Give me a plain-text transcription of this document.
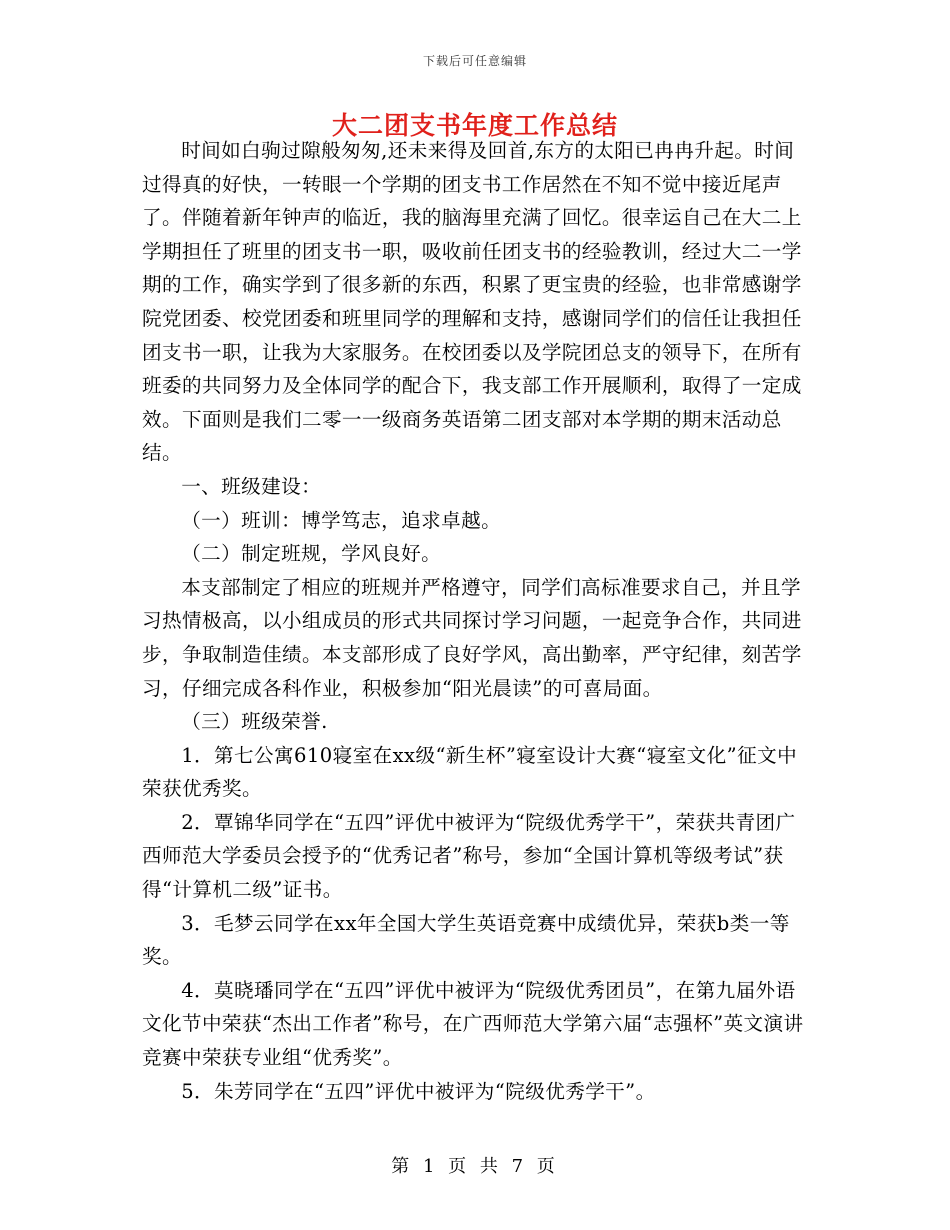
下载后可任意编辑
大二团支书年度工作总结

时间如白驹过隙般匆匆,还未来得及回首,东方的太阳已冉冉升起。时间过得真的好快，一转眼一个学期的团支书工作居然在不知不觉中接近尾声了。伴随着新年钟声的临近，我的脑海里充满了回忆。很幸运自己在大二上学期担任了班里的团支书一职，吸收前任团支书的经验教训，经过大二一学期的工作，确实学到了很多新的东西，积累了更宝贵的经验，也非常感谢学院党团委、校党团委和班里同学的理解和支持，感谢同学们的信任让我担任团支书一职，让我为大家服务。在校团委以及学院团总支的领导下，在所有班委的共同努力及全体同学的配合下，我支部工作开展顺利，取得了一定成效。下面则是我们二零一一级商务英语第二团支部对本学期的期末活动总结。

一、班级建设：

（一）班训：博学笃志，追求卓越。

（二）制定班规，学风良好。

本支部制定了相应的班规并严格遵守，同学们高标准要求自己，并且学习热情极高，以小组成员的形式共同探讨学习问题，一起竞争合作，共同进步，争取制造佳绩。本支部形成了良好学风，高出勤率，严守纪律，刻苦学习，仔细完成各科作业，积极参加“阳光晨读”的可喜局面。

（三）班级荣誉.

1．第七公寓610寝室在xx级“新生杯”寝室设计大赛“寝室文化”征文中荣获优秀奖。

2．覃锦华同学在“五四”评优中被评为“院级优秀学干”，荣获共青团广西师范大学委员会授予的“优秀记者”称号，参加“全国计算机等级考试”获得“计算机二级”证书。

3．毛梦云同学在xx年全国大学生英语竞赛中成绩优异，荣获b类一等奖。

4．莫晓璠同学在“五四”评优中被评为“院级优秀团员”，在第九届外语文化节中荣获“杰出工作者”称号，在广西师范大学第六届“志强杯”英文演讲竞赛中荣获专业组“优秀奖”。

5．朱芳同学在“五四”评优中被评为“院级优秀学干”。

第 1 页 共 7 页
